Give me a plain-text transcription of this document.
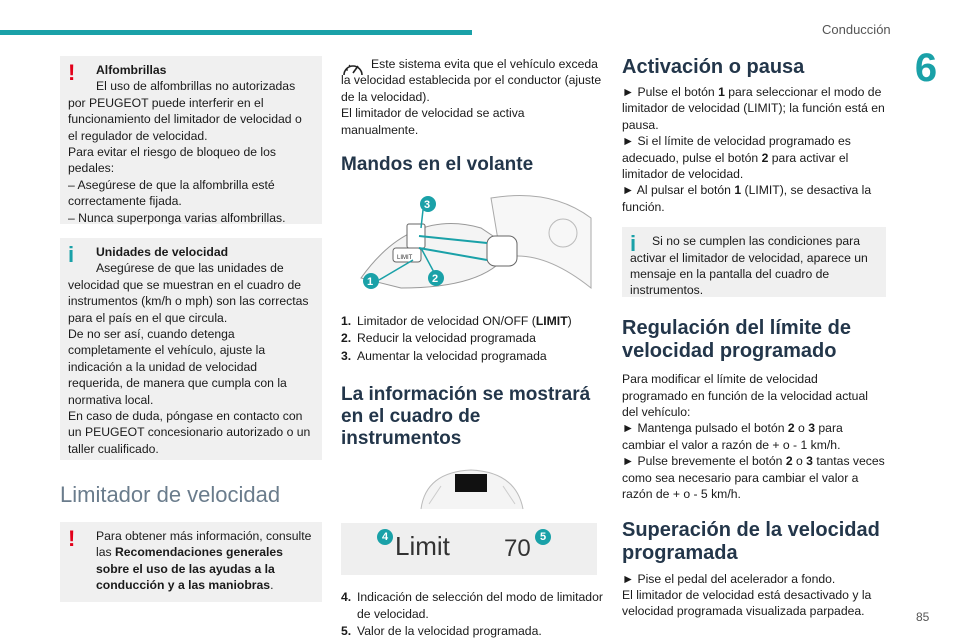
Conducción
6
85
!	Alfombrillas

El uso de alfombrillas no autorizadas

por PEUGEOT puede interferir en el funcionamiento del limitador de velocidad o el regulador de velocidad.

Para evitar el riesgo de bloqueo de los pedales:

– Asegúrese de que la alfombrilla esté correctamente fijada.

– Nunca superponga varias alfombrillas.

i	Unidades de velocidad

Asegúrese de que las unidades de

velocidad que se muestran en el cuadro de instrumentos (km/h o mph) son las correctas para el país en el que circula.

De no ser así, cuando detenga completamente el vehículo, ajuste la indicación a la unidad de velocidad requerida, de manera que cumpla con la normativa local.

En caso de duda, póngase en contacto con un PEUGEOT concesionario autorizado o un taller cualificado.

Limitador de velocidad
!	Para obtener más información, consulte

las Recomendaciones generales sobre el uso de las ayudas a la conducción y a las maniobras.

Este sistema evita que el vehículo exceda la velocidad establecida por el conductor (ajuste de la velocidad).

El limitador de velocidad se activa manualmente.

Mandos en el volante
LIMIT
1	2
3
1. Limitador de velocidad ON/OFF (LIMIT)
2. Reducir la velocidad programada
3. Aumentar la velocidad programada
La información se mostrará en el cuadro de instrumentos
4 Limit 70 5
4. Indicación de selección del modo de limitador de velocidad.
5. Valor de la velocidad programada.
Activación o pausa
► Pulse el botón 1 para seleccionar el modo de limitador de velocidad (LIMIT); la función está en pausa.
► Si el límite de velocidad programado es adecuado, pulse el botón 2 para activar el limitador de velocidad.
► Al pulsar el botón 1 (LIMIT), se desactiva la función.
i	Si no se cumplen las condiciones para activar el limitador de velocidad, aparece un mensaje en la pantalla del cuadro de instrumentos.

Regulación del límite de velocidad programado
Para modificar el límite de velocidad programado en función de la velocidad actual del vehículo:
► Mantenga pulsado el botón 2 o 3 para cambiar el valor a razón de + o - 1 km/h.
► Pulse brevemente el botón 2 o 3 tantas veces como sea necesario para cambiar el valor a razón de + o - 5 km/h.
Superación de la velocidad programada
► Pise el pedal del acelerador a fondo.
El limitador de velocidad está desactivado y la velocidad programada visualizada parpadea.
